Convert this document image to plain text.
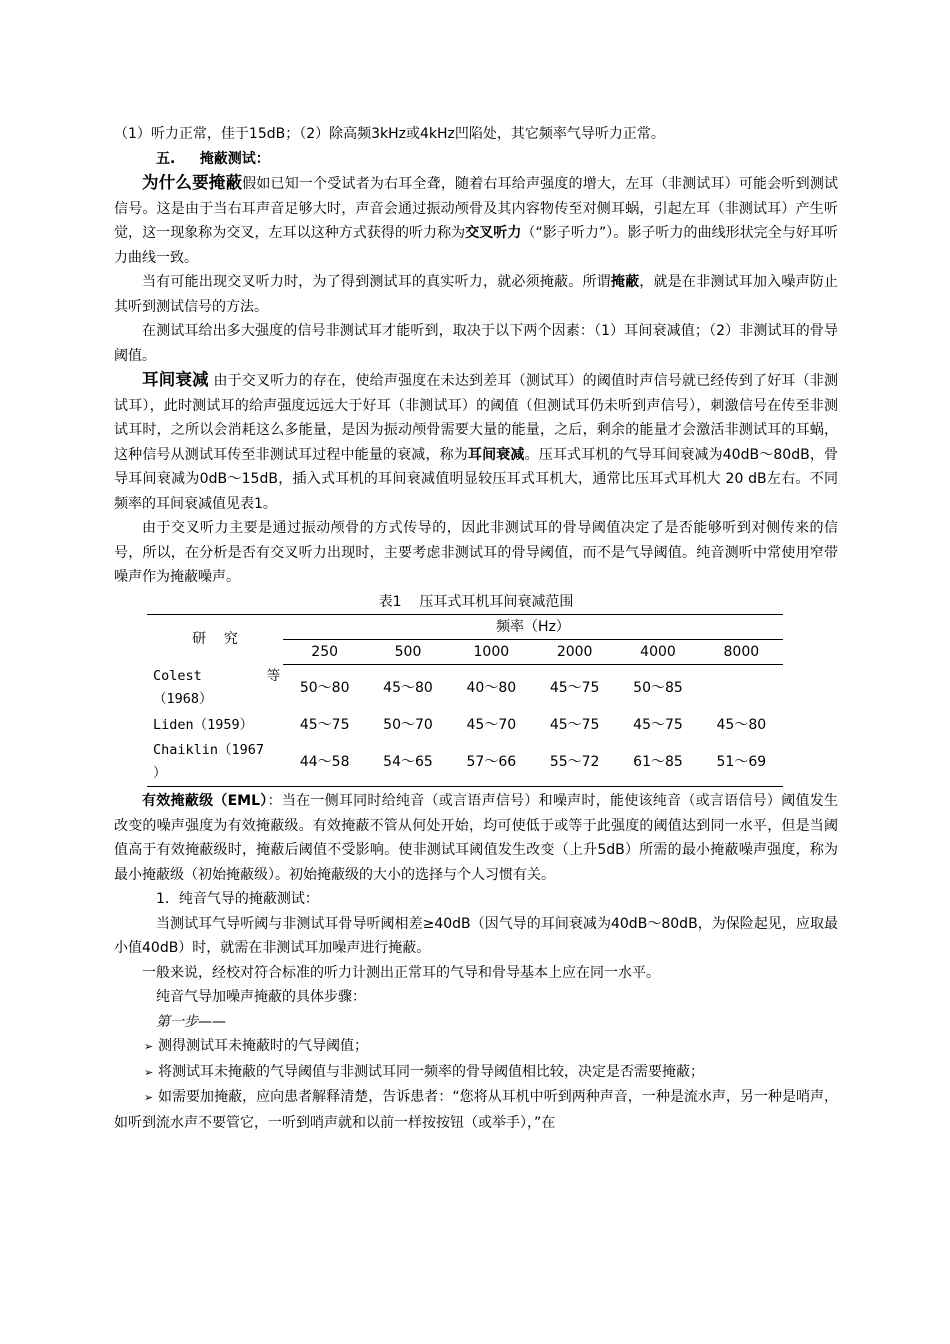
（1）听力正常，佳于15dB；（2）除高频3kHz或4kHz凹陷处，其它频率气导听力正常。

五.     掩蔽测试：

为什么要掩蔽假如已知一个受试者为右耳全聋，随着右耳给声强度的增大，左耳（非测试耳）可能会听到测试信号。这是由于当右耳声音足够大时，声音会通过振动颅骨及其内容物传至对侧耳蜗，引起左耳（非测试耳）产生听觉，这一现象称为交叉，左耳以这种方式获得的听力称为交叉听力（“影子听力”）。影子听力的曲线形状完全与好耳听力曲线一致。

当有可能出现交叉听力时，为了得到测试耳的真实听力，就必须掩蔽。所谓掩蔽，就是在非测试耳加入噪声防止其听到测试信号的方法。

在测试耳给出多大强度的信号非测试耳才能听到，取决于以下两个因素：（1）耳间衰减值；（2）非测试耳的骨导阈值。

耳间衰减 由于交叉听力的存在，使给声强度在未达到差耳（测试耳）的阈值时声信号就已经传到了好耳（非测试耳），此时测试耳的给声强度远远大于好耳（非测试耳）的阈值（但测试耳仍未听到声信号），刺激信号在传至非测试耳时，之所以会消耗这么多能量，是因为振动颅骨需要大量的能量，之后，剩余的能量才会激活非测试耳的耳蜗，这种信号从测试耳传至非测试耳过程中能量的衰减，称为耳间衰减。压耳式耳机的气导耳间衰减为40dB～80dB，骨导耳间衰减为0dB～15dB，插入式耳机的耳间衰减值明显较压耳式耳机大，通常比压耳式耳机大 20 dB左右。不同频率的耳间衰减值见表1。

由于交叉听力主要是通过振动颅骨的方式传导的，因此非测试耳的骨导阈值决定了是否能够听到对侧传来的信号，所以，在分析是否有交叉听力出现时，主要考虑非测试耳的骨导阈值，而不是气导阈值。纯音测听中常使用窄带噪声作为掩蔽噪声。

表1    压耳式耳机耳间衰减范围

研    究	频率（Hz）					
	250	500	1000	2000	4000	8000

Colest        等
（1968）	50～80	45～80	40～80	45～75	50～85	

Liden（1959）	45～75	50～70	45～70	45～75	45～75	45～80

Chaiklin（1967
）	44～58	54～65	57～66	55～72	61～85	51～69

有效掩蔽级（EML）：当在一侧耳同时给纯音（或言语声信号）和噪声时，能使该纯音（或言语信号）阈值发生改变的噪声强度为有效掩蔽级。有效掩蔽不管从何处开始，均可使低于或等于此强度的阈值达到同一水平，但是当阈值高于有效掩蔽级时，掩蔽后阈值不受影响。使非测试耳阈值发生改变（上升5dB）所需的最小掩蔽噪声强度，称为最小掩蔽级（初始掩蔽级）。初始掩蔽级的大小的选择与个人习惯有关。

1．纯音气导的掩蔽测试：

当测试耳气导听阈与非测试耳骨导听阈相差≥40dB（因气导的耳间衰减为40dB～80dB，为保险起见，应取最小值40dB）时，就需在非测试耳加噪声进行掩蔽。

一般来说，经校对符合标准的听力计测出正常耳的气导和骨导基本上应在同一水平。

纯音气导加噪声掩蔽的具体步骤：

第一步——

➢ 测得测试耳未掩蔽时的气导阈值；

➢ 将测试耳未掩蔽的气导阈值与非测试耳同一频率的骨导阈值相比较，决定是否需要掩蔽；

➢ 如需要加掩蔽，应向患者解释清楚，告诉患者：“您将从耳机中听到两种声音，一种是流水声，另一种是哨声，如听到流水声不要管它，一听到哨声就和以前一样按按钮（或举手），”在
